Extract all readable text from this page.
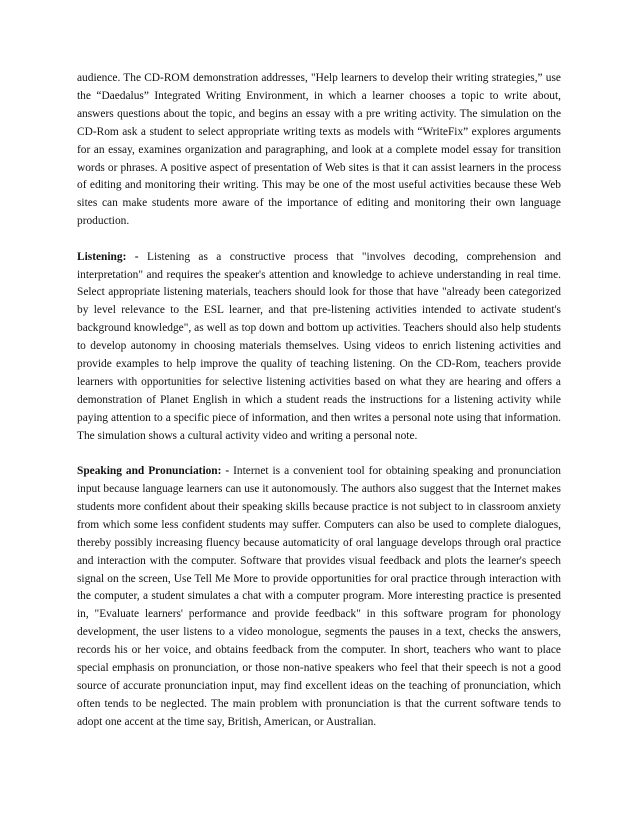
audience. The CD-ROM demonstration addresses, "Help learners to develop their writing strategies,” use the “Daedalus” Integrated Writing Environment, in which a learner chooses a topic to write about, answers questions about the topic, and begins an essay with a pre writing activity. The simulation on the CD-Rom ask a student to select appropriate writing texts as models with “WriteFix” explores arguments for an essay, examines organization and paragraphing, and look at a complete model essay for transition words or phrases. A positive aspect of presentation of Web sites is that it can assist learners in the process of editing and monitoring their writing. This may be one of the most useful activities because these Web sites can make students more aware of the importance of editing and monitoring their own language production.

Listening: - Listening as a constructive process that "involves decoding, comprehension and interpretation" and requires the speaker's attention and knowledge to achieve understanding in real time. Select appropriate listening materials, teachers should look for those that have "already been categorized by level relevance to the ESL learner, and that pre-listening activities intended to activate student's background knowledge", as well as top down and bottom up activities. Teachers should also help students to develop autonomy in choosing materials themselves. Using videos to enrich listening activities and provide examples to help improve the quality of teaching listening. On the CD-Rom, teachers provide learners with opportunities for selective listening activities based on what they are hearing and offers a demonstration of Planet English in which a student reads the instructions for a listening activity while paying attention to a specific piece of information, and then writes a personal note using that information. The simulation shows a cultural activity video and writing a personal note.

Speaking and Pronunciation: - Internet is a convenient tool for obtaining speaking and pronunciation input because language learners can use it autonomously. The authors also suggest that the Internet makes students more confident about their speaking skills because practice is not subject to in classroom anxiety from which some less confident students may suffer. Computers can also be used to complete dialogues, thereby possibly increasing fluency because automaticity of oral language develops through oral practice and interaction with the computer. Software that provides visual feedback and plots the learner's speech signal on the screen, Use Tell Me More to provide opportunities for oral practice through interaction with the computer, a student simulates a chat with a computer program. More interesting practice is presented in, "Evaluate learners' performance and provide feedback" in this software program for phonology development, the user listens to a video monologue, segments the pauses in a text, checks the answers, records his or her voice, and obtains feedback from the computer. In short, teachers who want to place special emphasis on pronunciation, or those non-native speakers who feel that their speech is not a good source of accurate pronunciation input, may find excellent ideas on the teaching of pronunciation, which often tends to be neglected. The main problem with pronunciation is that the current software tends to adopt one accent at the time say, British, American, or Australian.
